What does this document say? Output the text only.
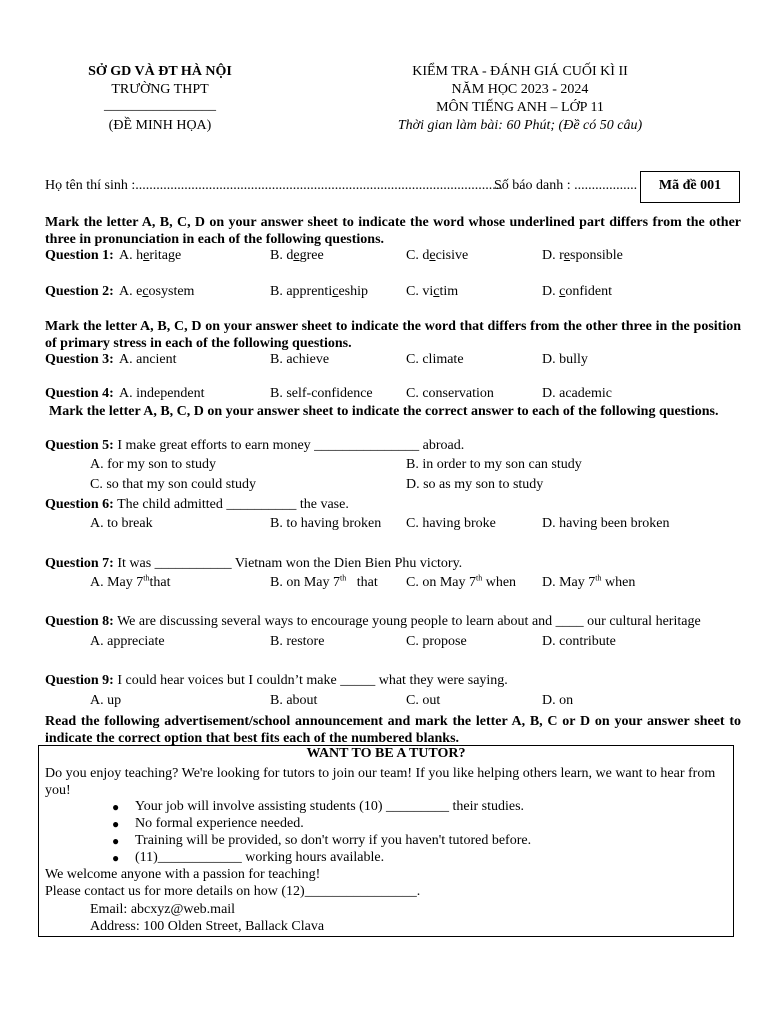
SỞ GD VÀ ĐT HÀ NỘI
TRƯỜNG THPT
________________
(ĐỀ MINH HỌA)
KIỂM TRA - ĐÁNH GIÁ CUỐI KÌ II
NĂM HỌC 2023 - 2024
MÔN TIẾNG ANH – LỚP 11
Thời gian làm bài: 60 Phút; (Đề có 50 câu)
Họ tên thí sinh :.........................................................................................................
Số báo danh : ..................	Mã đề 001
Mark the letter A, B, C, D on your answer sheet to indicate the word whose underlined part differs from the other three in pronunciation in each of the following questions.
Question 1: A. heritage	B. degree	C. decisive	D. responsible
Question 2: A. ecosystem	B. apprenticeship	C. victim	D. confident
Mark the letter A, B, C, D on your answer sheet to indicate the word that differs from the other three in the position of primary stress in each of the following questions.
Question 3: A. ancient	B. achieve	C. climate	D. bully
Question 4: A. independent	B. self-confidence C. conservation	D. academic
Mark the letter A, B, C, D on your answer sheet to indicate the correct answer to each of the following questions.
Question 5: I make great efforts to earn money _______________ abroad.
A. for my son to study	B. in order to my son can study
C. so that my son could study	D. so as my son to study
Question 6: The child admitted __________ the vase.
A. to break	B. to having broken C. having broke	D. having been broken
Question 7: It was ___________ Vietnam won the Dien Bien Phu victory.
A. May 7ththat	B. on May 7th that C. on May 7th when D. May 7th when
Question 8: We are discussing several ways to encourage young people to learn about and ____ our cultural heritage
A. appreciate	B. restore	C. propose	D. contribute
Question 9: I could hear voices but I couldn’t make _____ what they were saying.
A. up	B. about	C. out	D. on
Read the following advertisement/school announcement and mark the letter A, B, C or D on your answer sheet to indicate the correct option that best fits each of the numbered blanks.
WANT TO BE A TUTOR?
Do you enjoy teaching? We're looking for tutors to join our team! If you like helping others learn, we want to hear from you!
● Your job will involve assisting students (10) _________ their studies.
● No formal experience needed.
● Training will be provided, so don't worry if you haven't tutored before.
● (11)____________ working hours available.
We welcome anyone with a passion for teaching!
Please contact us for more details on how (12)________________.
Email: abcxyz@web.mail
Address: 100 Olden Street, Ballack Clava
